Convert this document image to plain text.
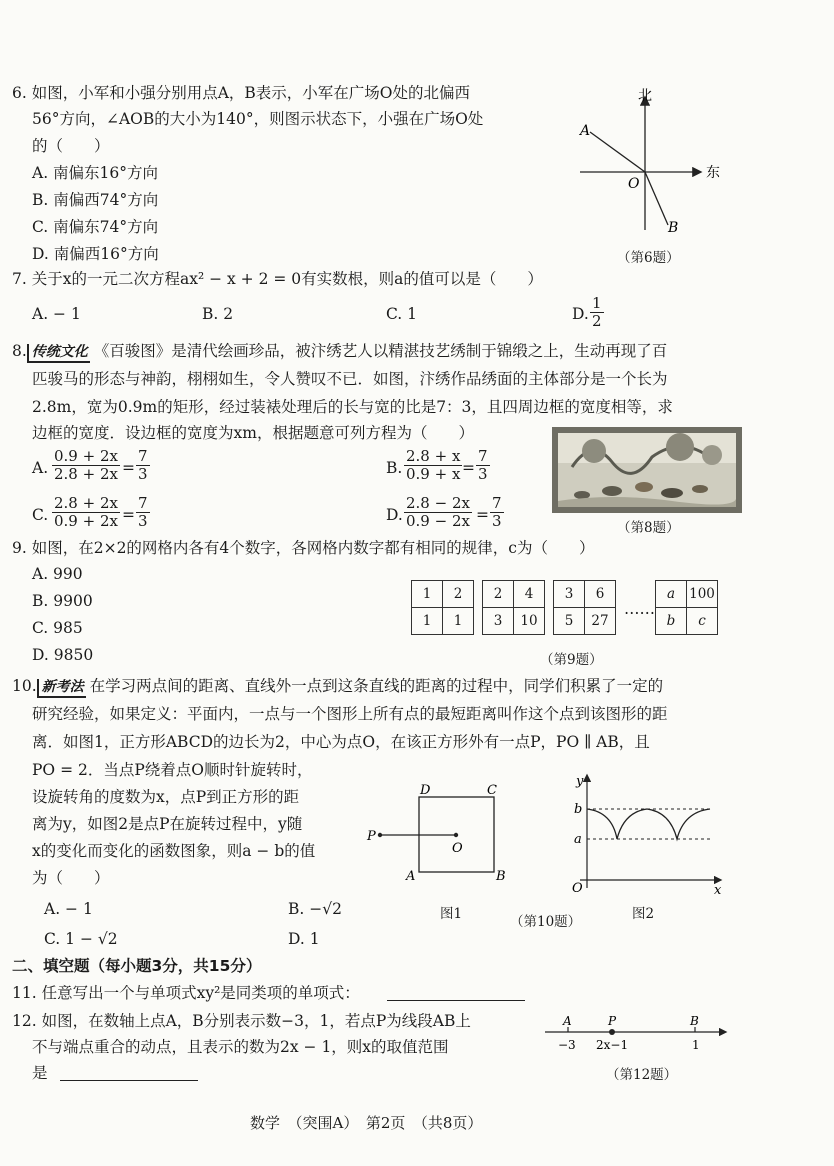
6. 如图，小军和小强分别用点A，B表示，小军在广场O处的北偏西
56°方向，∠AOB的大小为140°，则图示状态下，小强在广场O处
的（　　）
A. 南偏东16°方向
B. 南偏西74°方向
C. 南偏东74°方向
D. 南偏西16°方向
北
东
O
A
B
（第6题）
7. 关于x的一元二次方程ax² − x + 2 = 0有实数根，则a的值可以是（　　）
A. − 1	B. 2	C. 1	D. $\frac{1}{2}$
8. 传统文化 《百骏图》是清代绘画珍品，被汴绣艺人以精湛技艺绣制于锦缎之上，生动再现了百
匹骏马的形态与神韵，栩栩如生，令人赞叹不已．如图，汴绣作品绣面的主体部分是一个长为
2.8m，宽为0.9m的矩形，经过装裱处理后的长与宽的比是7：3，且四周边框的宽度相等，求
边框的宽度．设边框的宽度为xm，根据题意可列方程为（　　）
A. $\frac{0.9 + 2x}{2.8 + 2x} = \frac{7}{3}$	B. $\frac{2.8 + x}{0.9 + x} = \frac{7}{3}$
C. $\frac{2.8 + 2x}{0.9 + 2x} = \frac{7}{3}$	D. $\frac{2.8 - 2x}{0.9 - 2x} = \frac{7}{3}$	（第8题）
9. 如图，在2×2的网格内各有4个数字，各网格内数字都有相同的规律，c为（　　）
A. 990
B. 9900
C. 985
D. 9850
1	2
1	1
2	4
3	10
3	6
5	27
……
a	100
b	c
（第9题）
10. 新考法 在学习两点间的距离、直线外一点到这条直线的距离的过程中，同学们积累了一定的
研究经验，如果定义：平面内，一点与一个图形上所有点的最短距离叫作这个点到该图形的距
离．如图1，正方形ABCD的边长为2，中心为点O，在该正方形外有一点P，PO ∥ AB，且
PO = 2．当点P绕着点O顺时针旋转时，
设旋转角的度数为x，点P到正方形的距
离为y，如图2是点P在旋转过程中，y随
x的变化而变化的函数图象，则a − b的值
为（　　）
A. − 1	B. −√2
C. 1 − √2	D. 1
P
O
D	C
A	B
图1
y
x
O
b
a
（第10题）	图2
二、填空题（每小题3分，共15分）
11. 任意写出一个与单项式xy²是同类项的单项式：
12. 如图，在数轴上点A，B分别表示数−3，1，若点P为线段AB上
不与端点重合的动点，且表示的数为2x − 1，则x的取值范围
是
A	P	B
−3 2x−1	1
（第12题）
数学　（突围A）　第2页　（共8页）
